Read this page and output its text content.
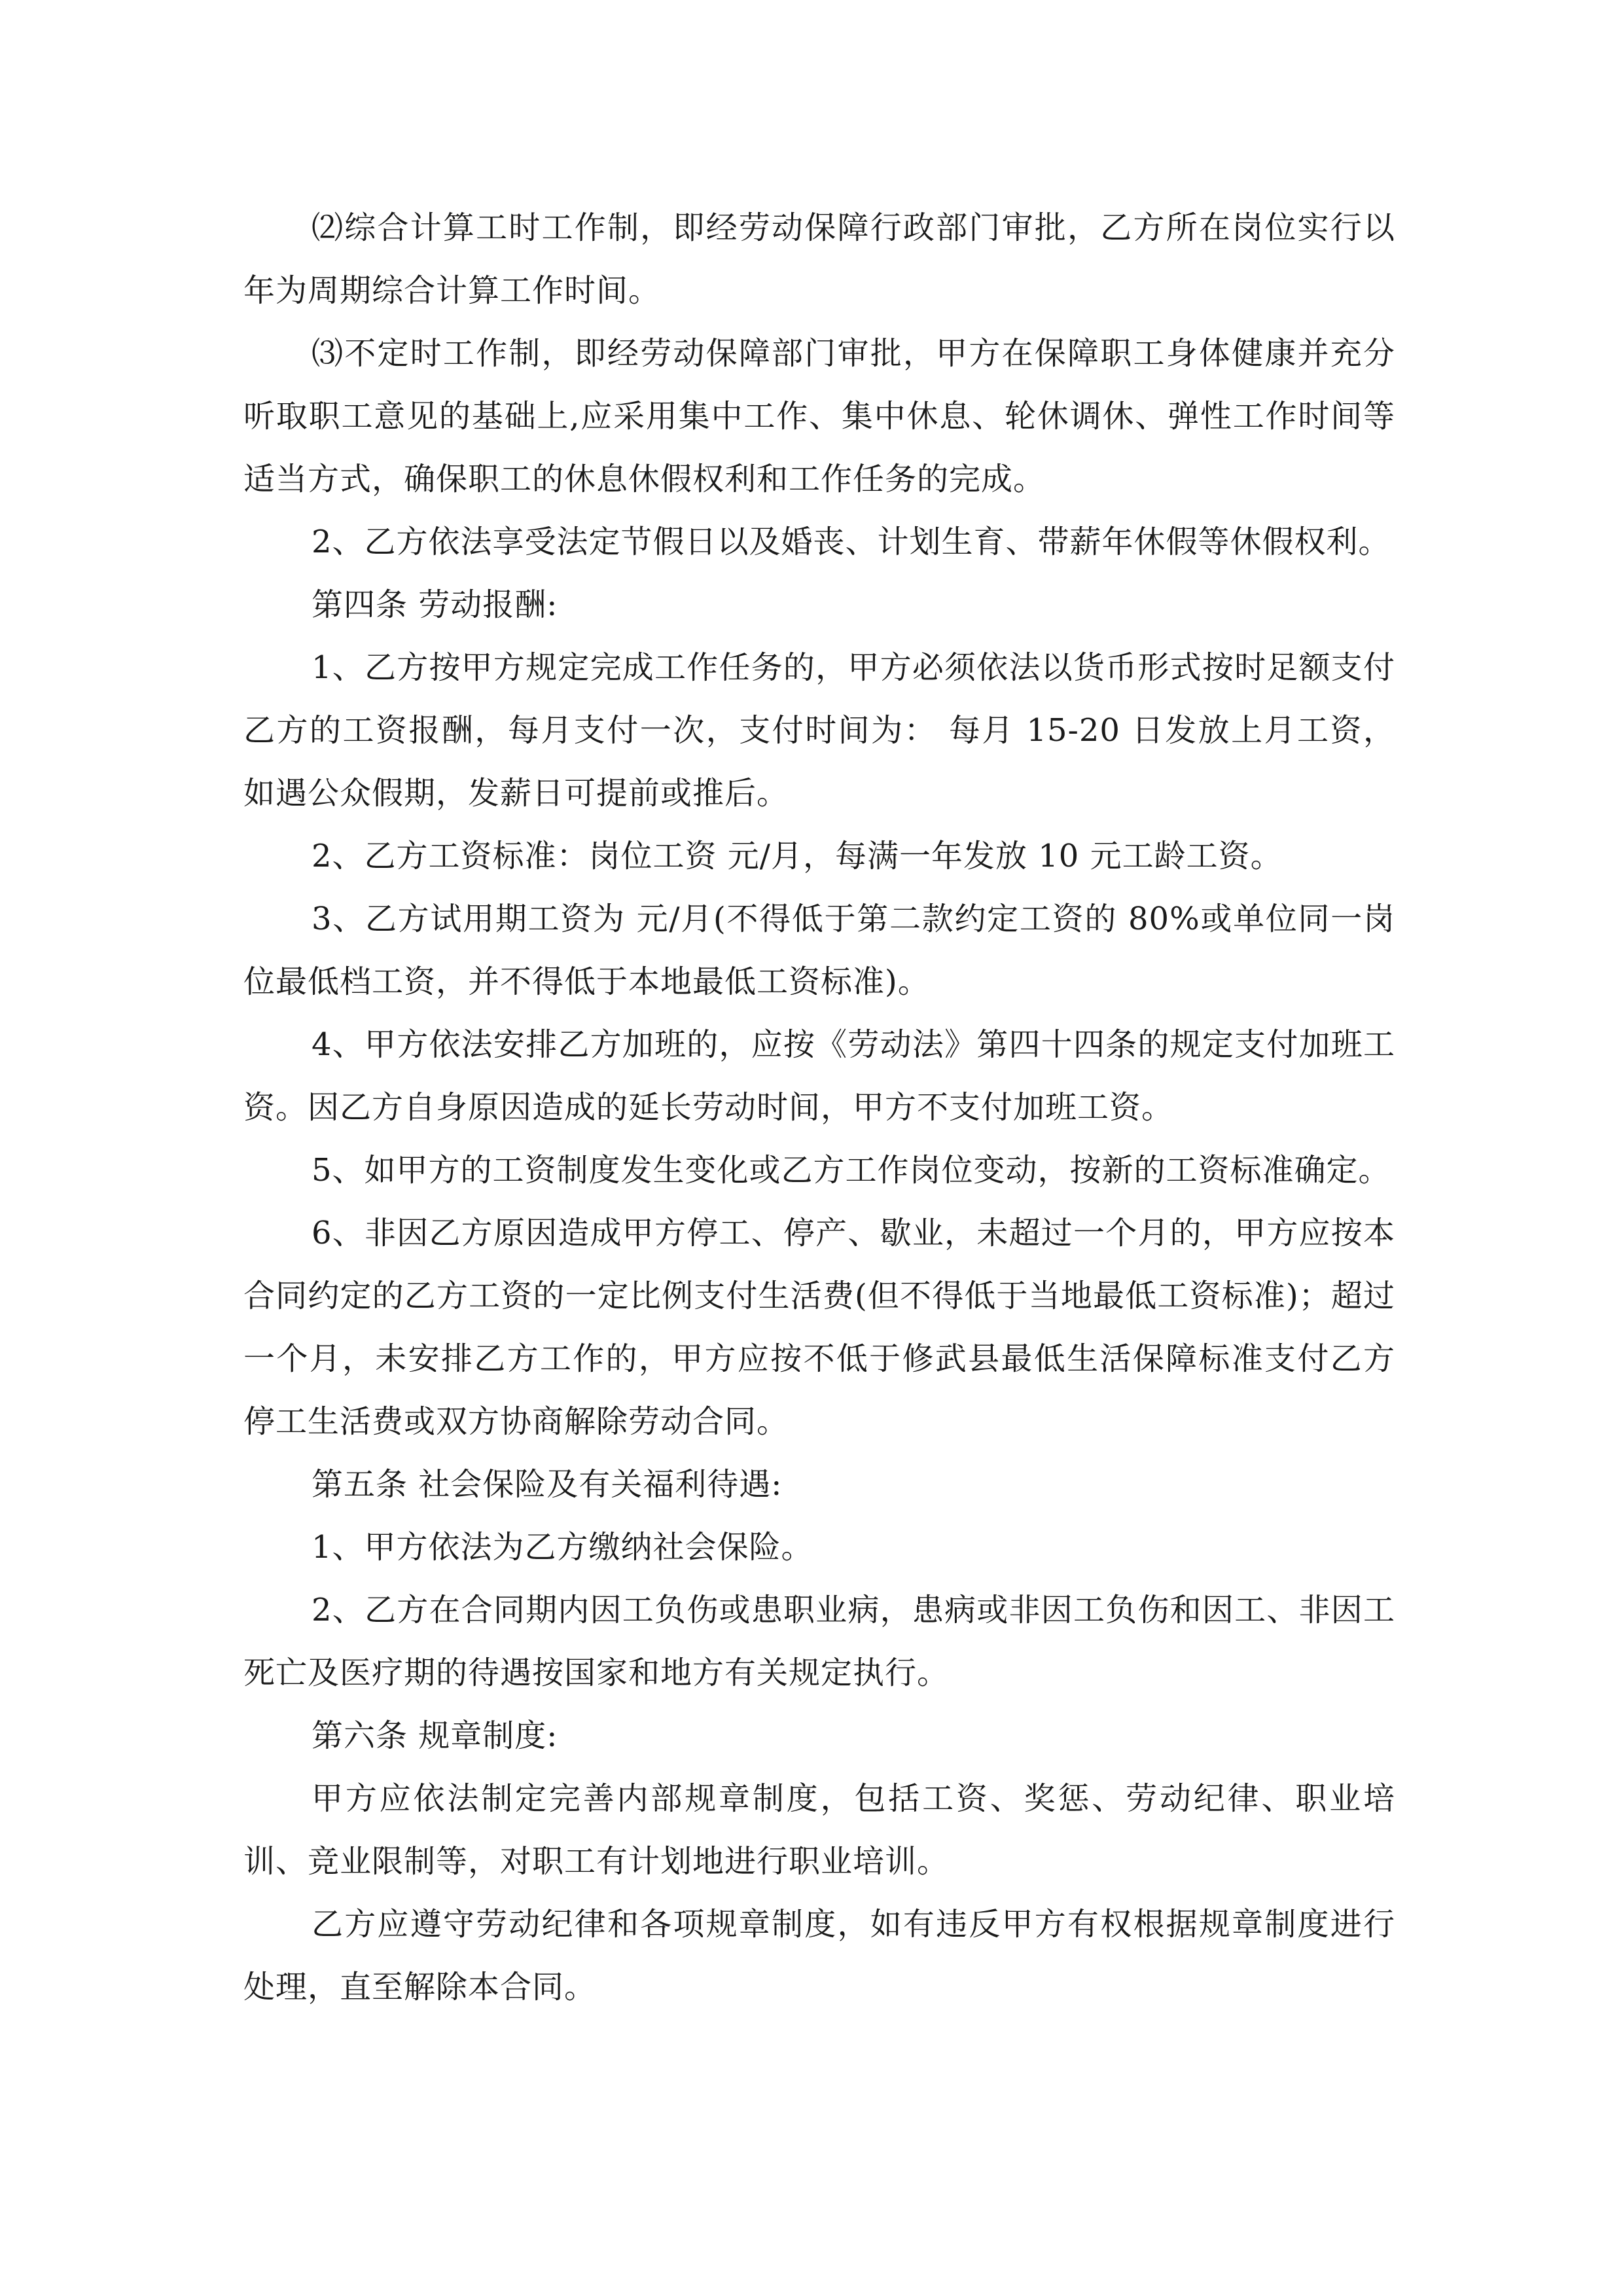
⑵综合计算工时工作制，即经劳动保障行政部门审批，乙方所在岗位实行以年为周期综合计算工作时间。

⑶不定时工作制，即经劳动保障部门审批，甲方在保障职工身体健康并充分听取职工意见的基础上,应采用集中工作、集中休息、轮休调休、弹性工作时间等适当方式，确保职工的休息休假权利和工作任务的完成。

2、乙方依法享受法定节假日以及婚丧、计划生育、带薪年休假等休假权利。

第四条 劳动报酬:

1、乙方按甲方规定完成工作任务的，甲方必须依法以货币形式按时足额支付乙方的工资报酬，每月支付一次，支付时间为： 每月 15-20 日发放上月工资，如遇公众假期，发薪日可提前或推后。

2、乙方工资标准：岗位工资 元/月，每满一年发放 10 元工龄工资。

3、乙方试用期工资为 元/月(不得低于第二款约定工资的 80%或单位同一岗位最低档工资，并不得低于本地最低工资标准)。

4、甲方依法安排乙方加班的，应按《劳动法》第四十四条的规定支付加班工资。因乙方自身原因造成的延长劳动时间，甲方不支付加班工资。

5、如甲方的工资制度发生变化或乙方工作岗位变动，按新的工资标准确定。

6、非因乙方原因造成甲方停工、停产、歇业，未超过一个月的，甲方应按本合同约定的乙方工资的一定比例支付生活费(但不得低于当地最低工资标准)；超过一个月，未安排乙方工作的，甲方应按不低于修武县最低生活保障标准支付乙方停工生活费或双方协商解除劳动合同。

第五条 社会保险及有关福利待遇:

1、甲方依法为乙方缴纳社会保险。

2、乙方在合同期内因工负伤或患职业病，患病或非因工负伤和因工、非因工死亡及医疗期的待遇按国家和地方有关规定执行。

第六条 规章制度:

甲方应依法制定完善内部规章制度，包括工资、奖惩、劳动纪律、职业培训、竞业限制等，对职工有计划地进行职业培训。

乙方应遵守劳动纪律和各项规章制度，如有违反甲方有权根据规章制度进行处理，直至解除本合同。
